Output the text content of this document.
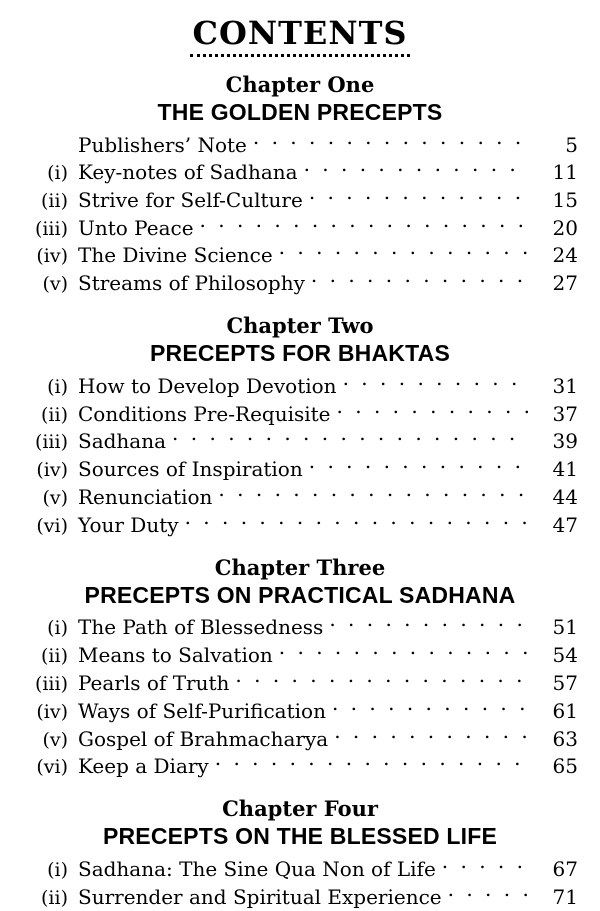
CONTENTS
Chapter One
THE GOLDEN PRECEPTS
Publishers’ Note . . .	5
(i) Key-notes of Sadhana . . .	11
(ii) Strive for Self-Culture . . .	15
(iii) Unto Peace . . .	20
(iv) The Divine Science . . .	24
(v) Streams of Philosophy . . .	27
Chapter Two
PRECEPTS FOR BHAKTAS
(i) How to Develop Devotion . . .	31
(ii) Conditions Pre-Requisite . . .	37
(iii) Sadhana . . .	39
(iv) Sources of Inspiration . . .	41
(v) Renunciation . . .	44
(vi) Your Duty . . .	47
Chapter Three
PRECEPTS ON PRACTICAL SADHANA
(i) The Path of Blessedness . . .	51
(ii) Means to Salvation . . .	54
(iii) Pearls of Truth . . .	57
(iv) Ways of Self-Purification . . .	61
(v) Gospel of Brahmacharya . . .	63
(vi) Keep a Diary . . .	65
Chapter Four
PRECEPTS ON THE BLESSED LIFE
(i) Sadhana: The Sine Qua Non of Life . . .	67
(ii) Surrender and Spiritual Experience . . .	71
